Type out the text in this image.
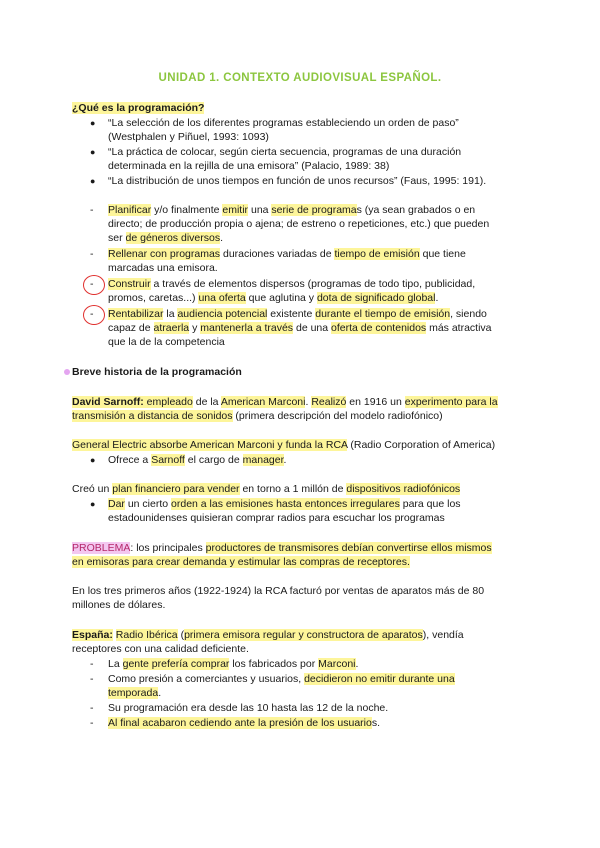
UNIDAD 1. CONTEXTO AUDIOVISUAL ESPAÑOL.
¿Qué es la programación?
● “La selección de los diferentes programas estableciendo un orden de paso”
(Westphalen y Piñuel, 1993: 1093)
● “La práctica de colocar, según cierta secuencia, programas de una duración
determinada en la rejilla de una emisora” (Palacio, 1989: 38)
● “La distribución de unos tiempos en función de unos recursos” (Faus, 1995: 191).
- Planificar y/o finalmente emitir una serie de programas (ya sean grabados o en
directo; de producción propia o ajena; de estreno o repeticiones, etc.) que pueden
ser de géneros diversos.
- Rellenar con programas duraciones variadas de tiempo de emisión que tiene
marcadas una emisora.
- Construir a través de elementos dispersos (programas de todo tipo, publicidad,
promos, caretas...) una oferta que aglutina y dota de significado global.
- Rentabilizar la audiencia potencial existente durante el tiempo de emisión, siendo
capaz de atraerla y mantenerla a través de una oferta de contenidos más atractiva
que la de la competencia
Breve historia de la programación
David Sarnoff: empleado de la American Marconi. Realizó en 1916 un experimento para la
transmisión a distancia de sonidos (primera descripción del modelo radiofónico)
General Electric absorbe American Marconi y funda la RCA (Radio Corporation of America)
● Ofrece a Sarnoff el cargo de manager.
Creó un plan financiero para vender en torno a 1 millón de dispositivos radiofónicos
● Dar un cierto orden a las emisiones hasta entonces irregulares para que los
estadounidenses quisieran comprar radios para escuchar los programas
PROBLEMA: los principales productores de transmisores debían convertirse ellos mismos
en emisoras para crear demanda y estimular las compras de receptores.
En los tres primeros años (1922-1924) la RCA facturó por ventas de aparatos más de 80
millones de dólares.
España: Radio Ibérica (primera emisora regular y constructora de aparatos), vendía
receptores con una calidad deficiente.
- La gente prefería comprar los fabricados por Marconi.
- Como presión a comerciantes y usuarios, decidieron no emitir durante una
temporada.
- Su programación era desde las 10 hasta las 12 de la noche.
- Al final acabaron cediendo ante la presión de los usuarios.
